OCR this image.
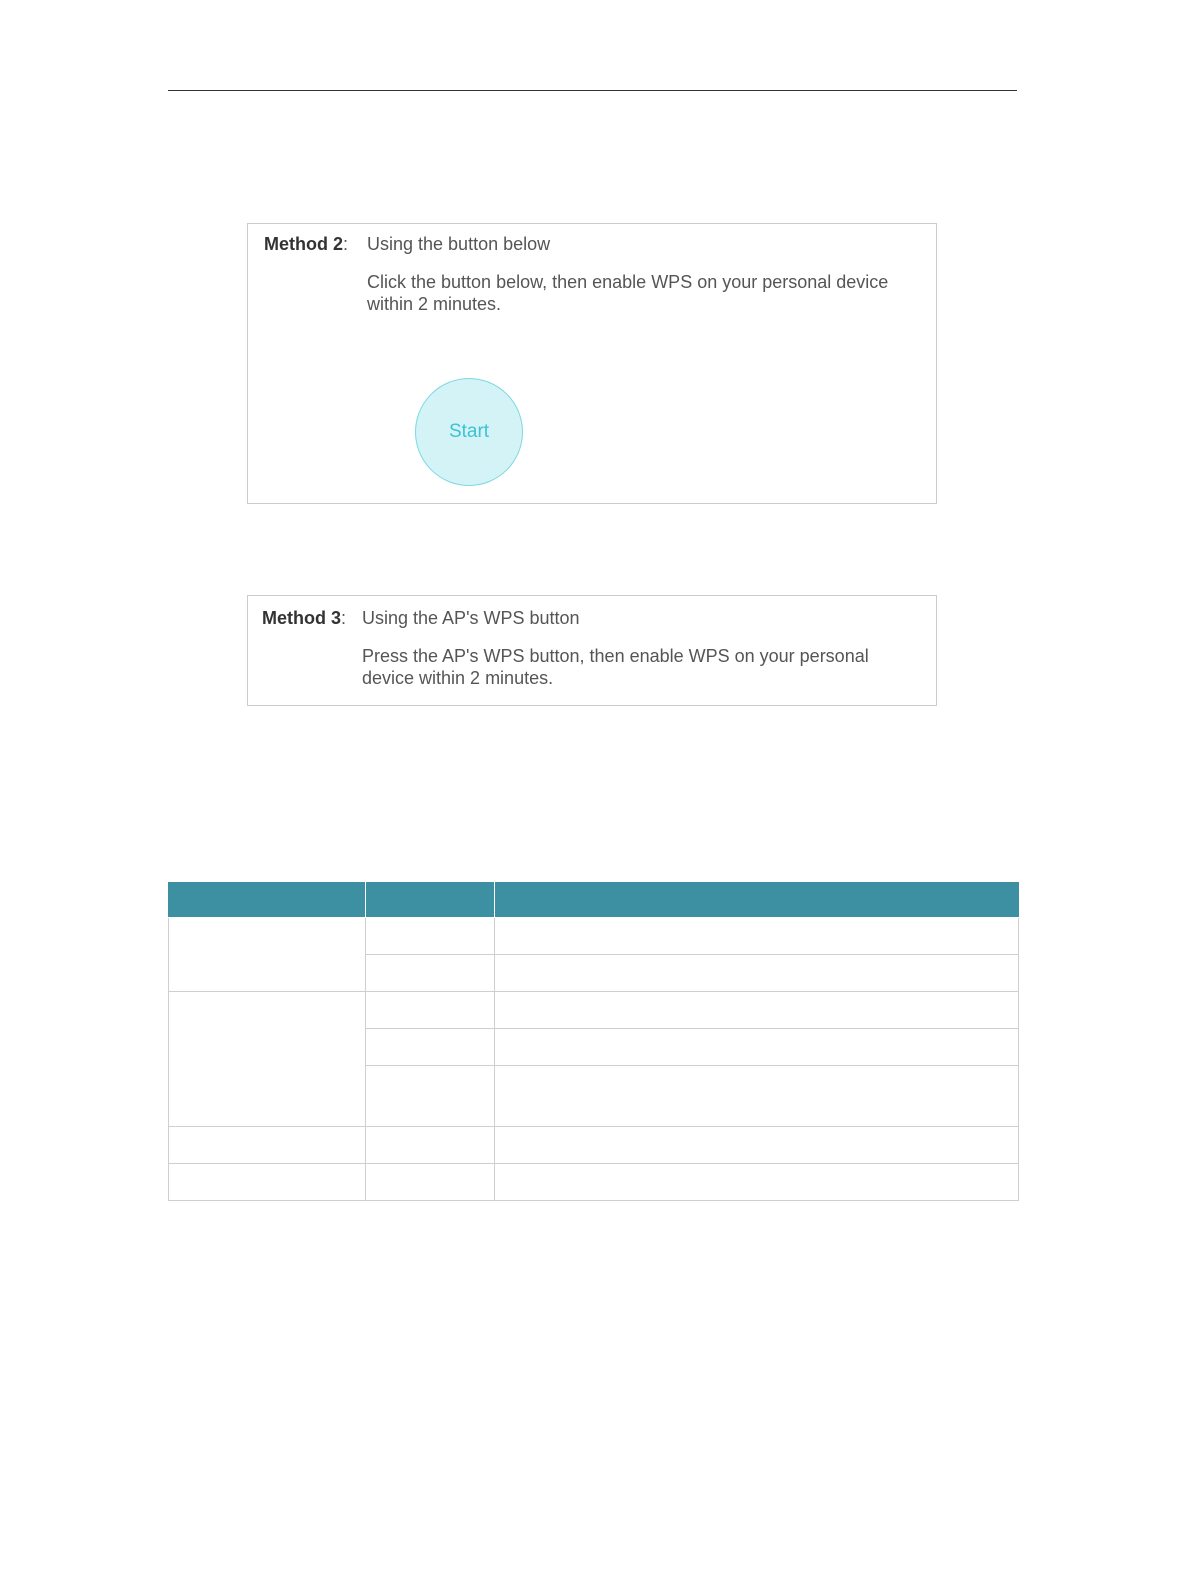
Method 2: Using the button below
Click the button below, then enable WPS on your personal device within 2 minutes.
Start
Method 3: Using the AP's WPS button
Press the AP's WPS button, then enable WPS on your personal device within 2 minutes.
